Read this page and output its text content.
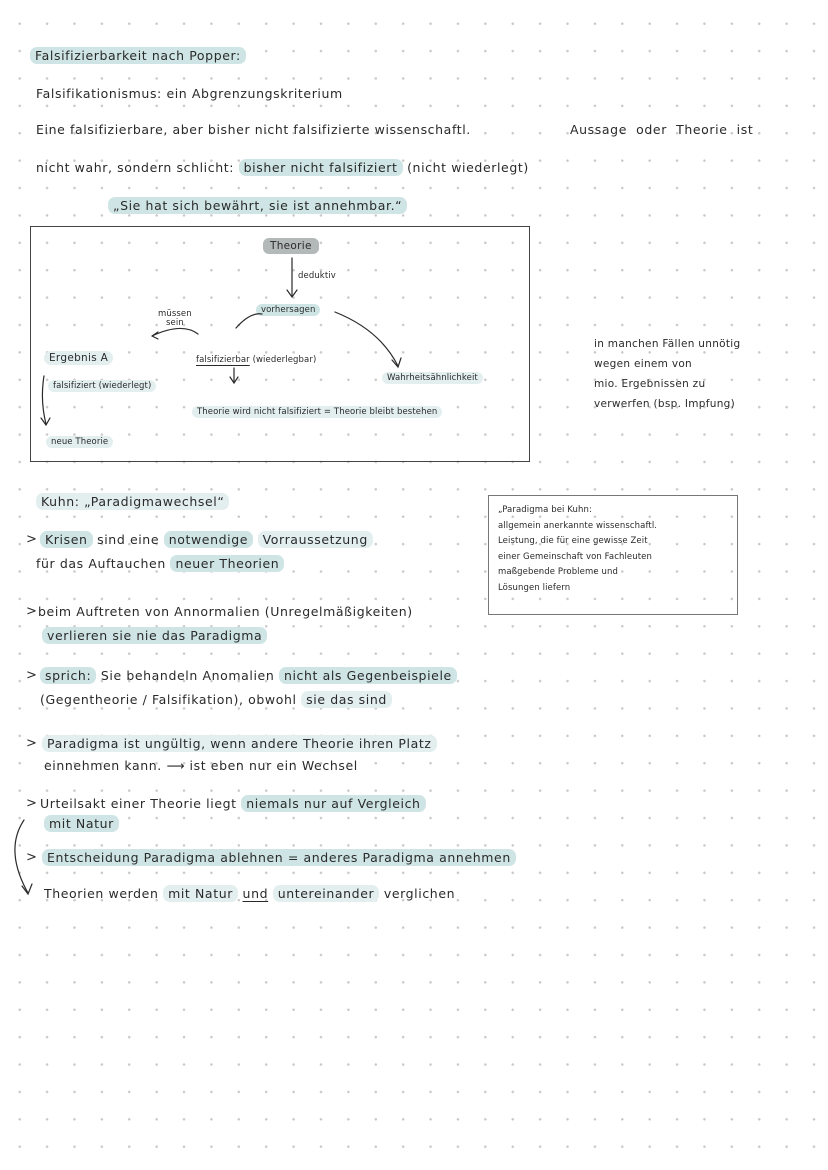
Falsifizierbarkeit nach Popper:
Falsifikationismus: ein Abgrenzungskriterium
Eine falsifizierbare, aber bisher nicht falsifizierte wissenschaftl.	Aussage oder Theorie ist
nicht wahr, sondern schlicht: bisher nicht falsifiziert (nicht wiederlegt)
„Sie hat sich bewährt, sie ist annehmbar.“
Theorie
deduktiv
vorhersagen
müssen
sein
Ergebnis A
falsifiziert (wiederlegt)
neue Theorie
falsifizierbar (wiederlegbar)
Wahrheitsähnlichkeit
Theorie wird nicht falsifiziert = Theorie bleibt bestehen
in manchen Fällen unnötig
wegen einem von
mio. Ergebnissen zu
verwerfen (bsp. Impfung)
Kuhn: „Paradigmawechsel“
> Krisen sind eine notwendige Vorraussetzung
für das Auftauchen neuer Theorien
> beim Auftreten von Annormalien (Unregelmäßigkeiten)
verlieren sie nie das Paradigma
> sprich: Sie behandeln Anomalien nicht als Gegenbeispiele
(Gegentheorie / Falsifikation), obwohl sie das sind
> Paradigma ist ungültig, wenn andere Theorie ihren Platz
einnehmen kann. ⟶ ist eben nur ein Wechsel
> Urteilsakt einer Theorie liegt niemals nur auf Vergleich
mit Natur
> Entscheidung Paradigma ablehnen = anderes Paradigma annehmen
Theorien werden mit Natur und untereinander verglichen
„Paradigma bei Kuhn:
allgemein anerkannte wissenschaftl.
Leistung, die für eine gewisse Zeit
einer Gemeinschaft von Fachleuten
maßgebende Probleme und
Lösungen liefern
